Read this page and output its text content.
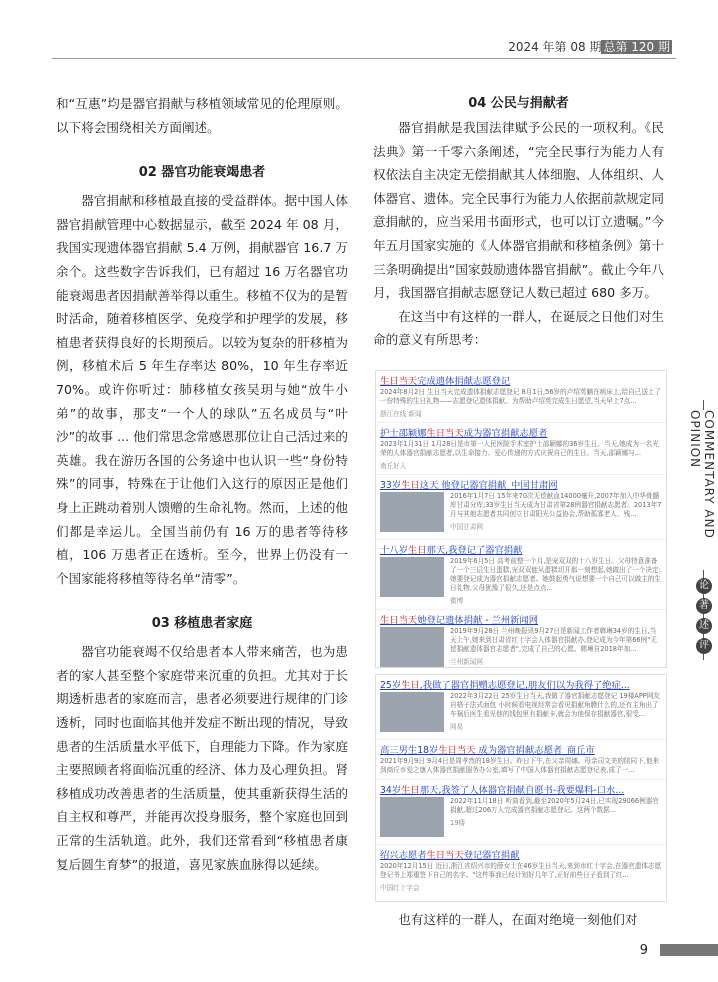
2024 年第 08 期 总第 120 期

和“互惠”均是器官捐献与移植领域常见的伦理原则。以下将会围绕相关方面阐述。

02 器官功能衰竭患者

器官捐献和移植最直接的受益群体。据中国人体器官捐献管理中心数据显示，截至 2024 年 08 月，我国实现遗体器官捐献 5.4 万例，捐献器官 16.7 万余个。这些数字告诉我们，已有超过 16 万名器官功能衰竭患者因捐献善举得以重生。移植不仅为的是暂时活命，随着移植医学、免疫学和护理学的发展，移植患者获得良好的长期预后。以较为复杂的肝移植为例，移植术后 5 年生存率达 80%，10 年生存率近 70%。或许你听过：肺移植女孩吴玥与她“放牛小弟”的故事，那支“一个人的球队”五名成员与“叶沙”的故事 ... 他们常思念常感恩那位让自己活过来的英雄。我在游历各国的公务途中也认识一些“身份特殊”的同事，特殊在于让他们入这行的原因正是他们身上正跳动着别人馈赠的生命礼物。然而，上述的他们都是幸运儿。全国当前仍有 16 万的患者等待移植，106 万患者正在透析。至今，世界上仍没有一个国家能将移植等待名单“清零”。

03 移植患者家庭

器官功能衰竭不仅给患者本人带来痛苦，也为患者的家人甚至整个家庭带来沉重的负担。尤其对于长期透析患者的家庭而言，患者必须要进行规律的门诊透析，同时也面临其他并发症不断出现的情况，导致患者的生活质量水平低下，自理能力下降。作为家庭主要照顾者将面临沉重的经济、体力及心理负担。肾移植成功改善患者的生活质量，使其重新获得生活的自主权和尊严，并能再次投身服务，整个家庭也回到正常的生活轨道。此外，我们还常看到“移植患者康复后圆生育梦”的报道，喜见家族血脉得以延续。

04 公民与捐献者

器官捐献是我国法律赋予公民的一项权利。《民法典》第一千零六条阐述，“完全民事行为能力人有权依法自主决定无偿捐献其人体细胞、人体组织、人体器官、遗体。完全民事行为能力人依据前款规定同意捐献的，应当采用书面形式，也可以订立遗嘱。”今年五月国家实施的《人体器官捐献和移植条例》第十三条明确提出“国家鼓励遗体器官捐献”。截止今年八月，我国器官捐献志愿登记人数已超过 680 多万。

在这当中有这样的一群人，在诞辰之日他们对生命的意义有所思考：

也有这样的一群人，在面对绝境一刻他们对

生日当天完成遗体捐献志愿登记
2024年8月2日 生日当天完成遗体捐献志愿登记 8月1日,56岁的卢绍英躺在病床上,给自己送上了一份特殊的生日礼物——志愿登记遗体捐献。为帮助卢绍英完成生日愿望,当天早上7点...
浙江在线 新闻
护士邵颖娜生日当天成为器官捐献志愿者
2023年1月31日 1月28日是市第一人民医院手术室护士邵颖娜的36岁生日。当天,她成为一名光荣的人体器官捐献志愿者,以生命接力、爱心传递的方式庆祝自己的生日。当天,邵颖娜与...
南丘好人
33岁生日这天 他登记器官捐献_中国甘肃网
2016年1月7日 15年来70次无偿献血14000毫升,2007年加入中华骨髓库甘肃分库;33岁生日当天成为甘肃省第28例器官捐献志愿者。2013年7月与其他志愿者共同创立甘肃阳光公益协会,帮助孤寡老人、残...
中国甘肃网
十八岁生日那天,我登记了器官捐献
2019年6月5日 高考前整一个月,是宠双双的十八岁生日。父母特意准备了一个三层生日蛋糕,宠双双能从蛋糕切开那一刻想起,她做出了一个决定:她要登记成为器官捐献志愿者。她鼓起勇气说想要一个自己可以做主的生日礼物,父母犹豫了很久,还是点点...
微博
生日当天她登记遗体捐献 - 兰州新闻网
2019年9月28日 兰州晚报讯9月27日是新闻工作者韩琳34岁的生日,当天上午,她来到甘肃省红十字会人体器官捐献办,登记成为今年第66例"无偿捐献遗体器官志愿者",完成了自己的心愿。韩琳自2018年加...
兰州新闻网
25岁生日,我做了器官捐赠志愿登记,朋友们以为我得了绝症...
2022年3月22日 25岁生日当天,我做了器官捐献志愿登记 19楼APP网友自格子法式面包 小时候看电视经常会看见捐献角膜什么的,还有主角出了车祸后医生看见他的钱包里有捐献卡,就会为他保存捐献器官,很受...
网易
高三男生18岁生日当天 成为器官捐献志愿者_商丘市
2021年9月9日 9月4日是周孝然的18岁生日。昨日下午,在父亲周娜、母亲司文美的陪同下,他来到商丘市爱之康人体器官捐献服务办公室,填写了中国人体器官捐献志愿登记表,成了一...
34岁生日那天,我签了人体器官捐献自愿书-我要爆料-口水...
2022年11月18日 听筒看到,截至2020年5月24日,已实现29066例器官捐献,超过206万人完成器官捐献志愿登记。这两个数据...
19楼
绍兴志愿者生日当天登记器官捐献
2020年12月15日 近日,浙江省绍兴市的薛女士在46岁生日当天,来到市红十字会,在器官遗体志愿登记书上郑重签下自己的名字。"这件事我已经计划好几年了,正好前些日子看到了红...
中国红十字会
COMMENTARY AND OPINION
论
著
述
评
9
